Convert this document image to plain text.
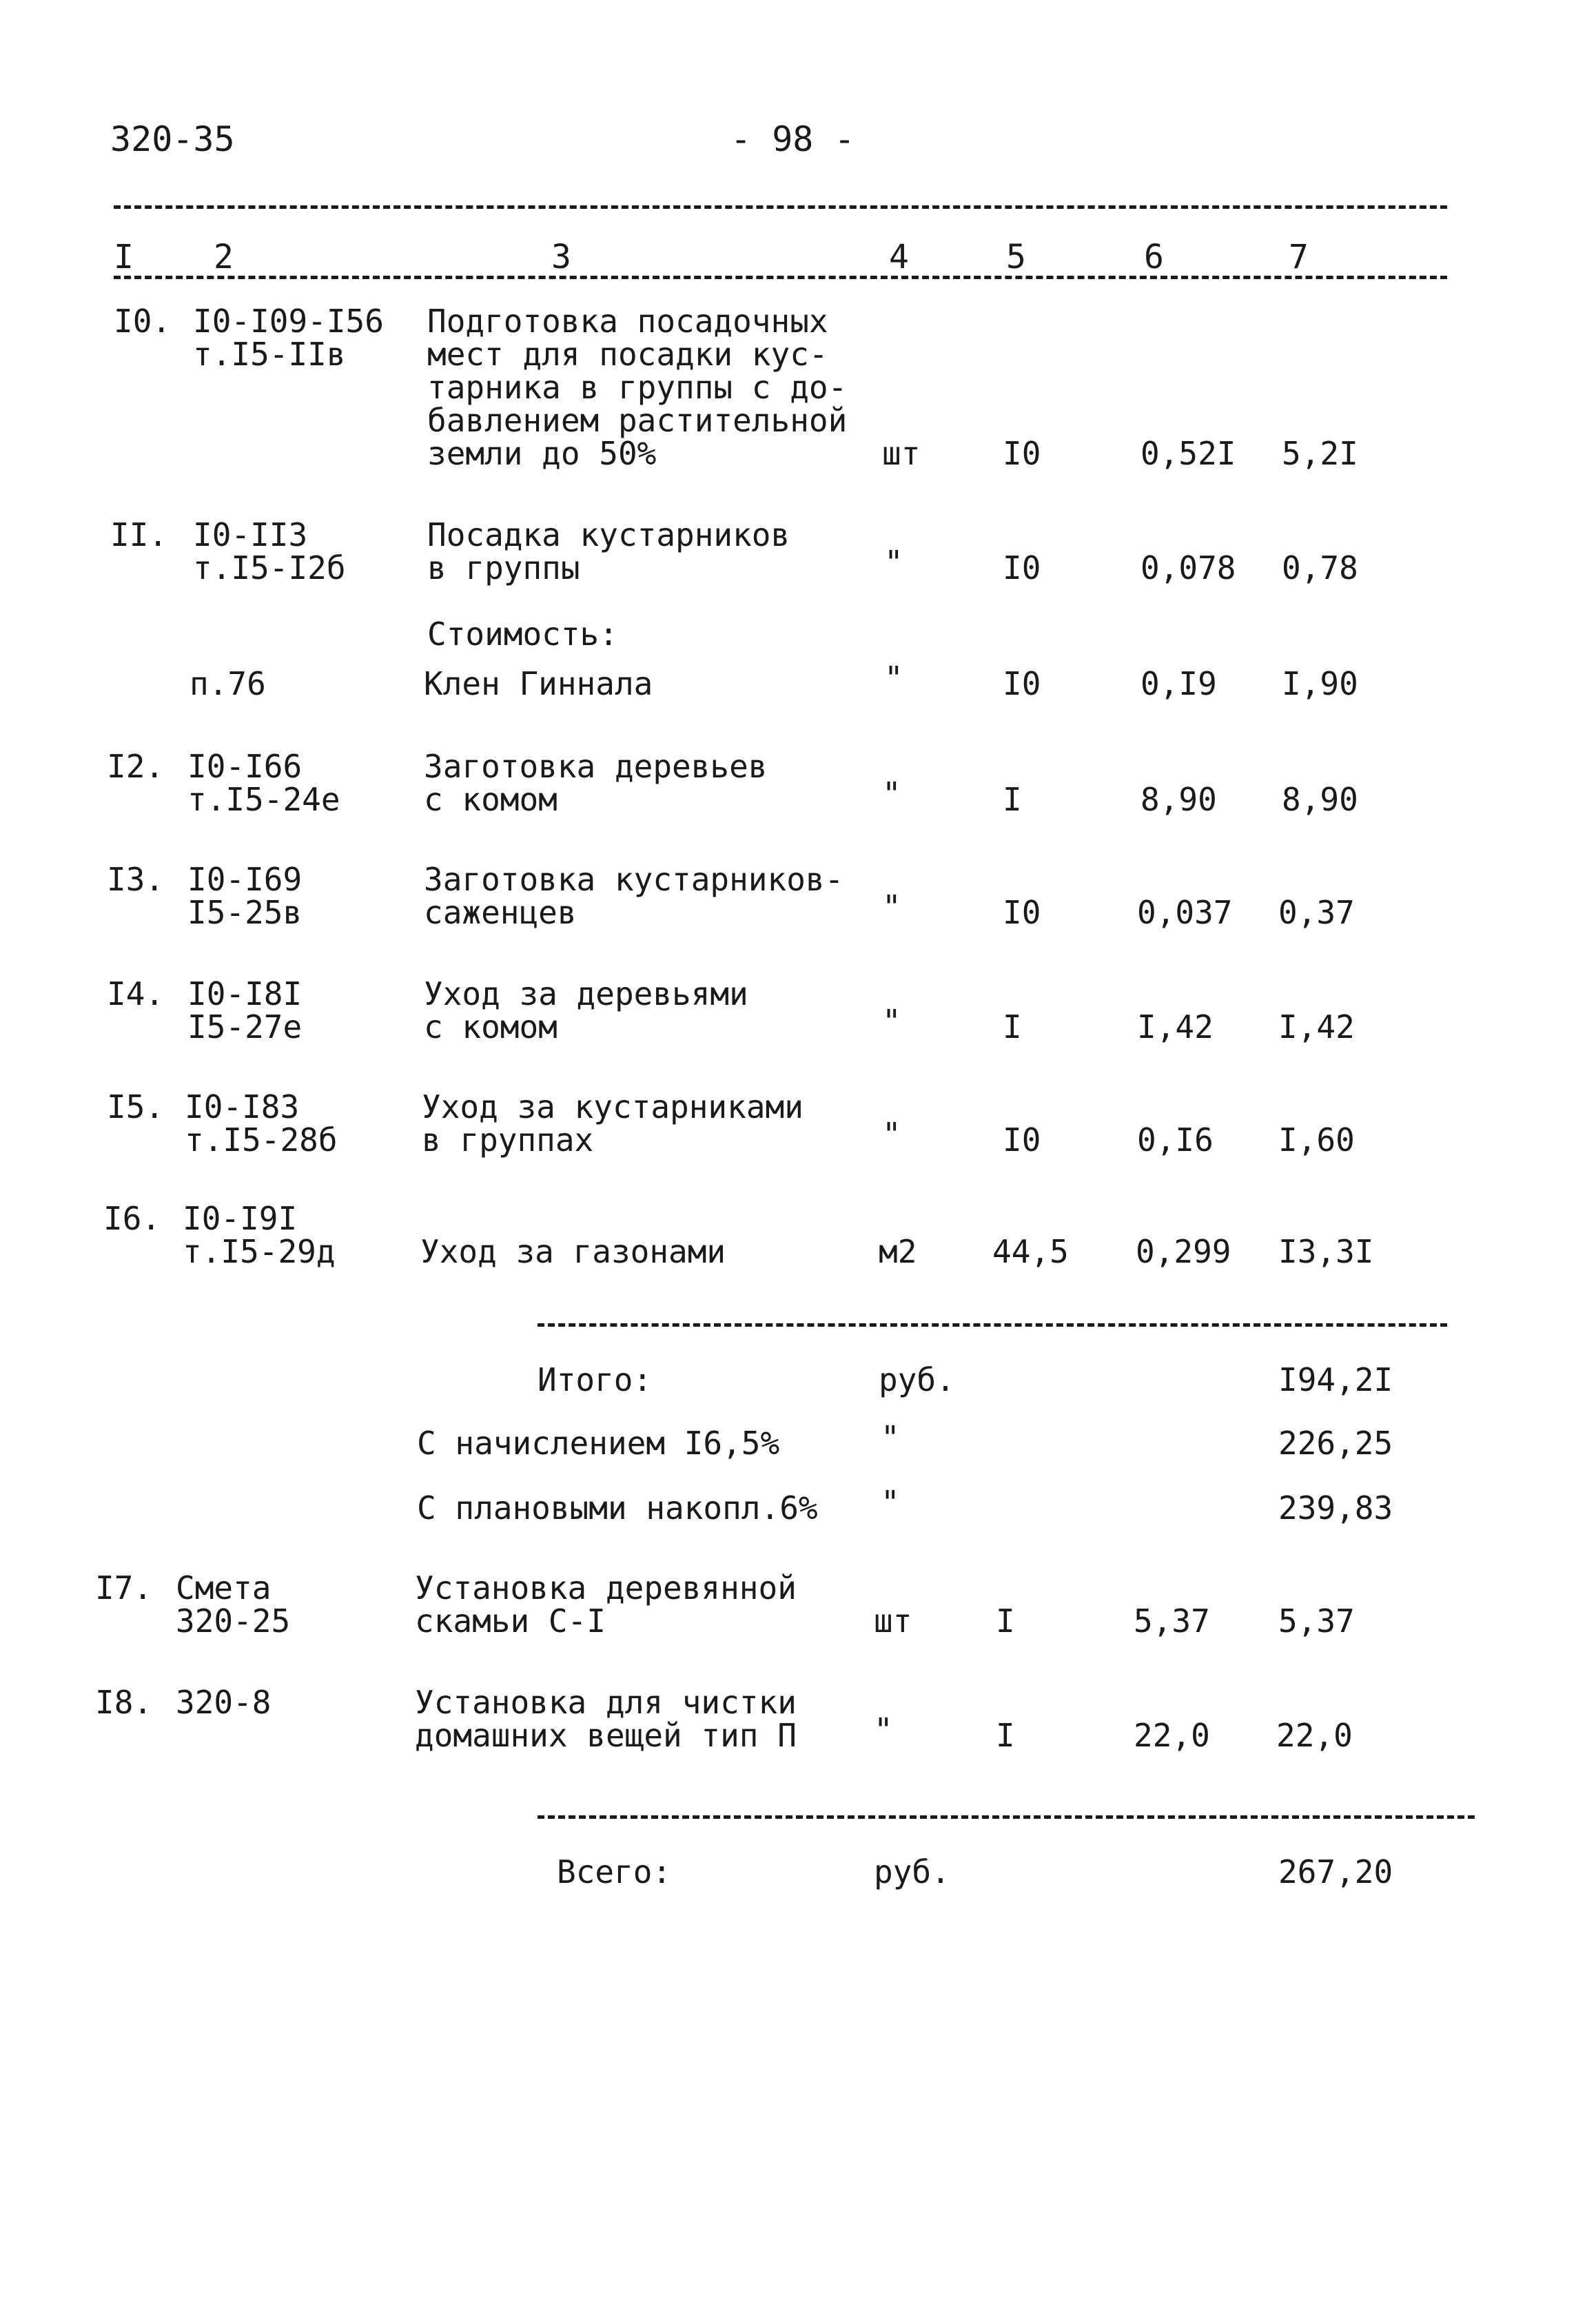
320-35	- 98 -
I 2	3	4	5	6	7
I0. I0-I09-I56
т.I5-IIв
Подготовка посадочных
мест для посадки кус-
тарника в группы с до-
бавлением растительной
земли до 50%	шт	I0	0,52I 5,2I
II. I0-II3
т.I5-I2б
Посадка кустарников
в группы	"	I0	0,078 0,78
Стоимость:
п.76	Клен Гиннала	"	I0	0,I9 I,90
I2. I0-I66
т.I5-24е
Заготовка деревьев
с комом	"	I	8,90 8,90
I3. I0-I69
I5-25в
Заготовка кустарников-
саженцев	"	I0	0,037 0,37
I4. I0-I8I
I5-27е
Уход за деревьями
с комом	"	I	I,42 I,42
I5. I0-I83
т.I5-28б
Уход за кустарниками
в группах	"	I0	0,I6 I,60
I6. I0-I9I
т.I5-29д	Уход за газонами	м2 44,5 0,299 I3,3I
Итого:	руб.	I94,2I
С начислением I6,5%	"	226,25
С плановыми накопл.6% "	239,83
I7. Смета
320-25
Установка деревянной
скамьи С-I	шт	I	5,37 5,37
I8. 320-8	Установка для чистки
домашних вещей тип П "	I	22,0 22,0
Всего:	руб.	267,20
